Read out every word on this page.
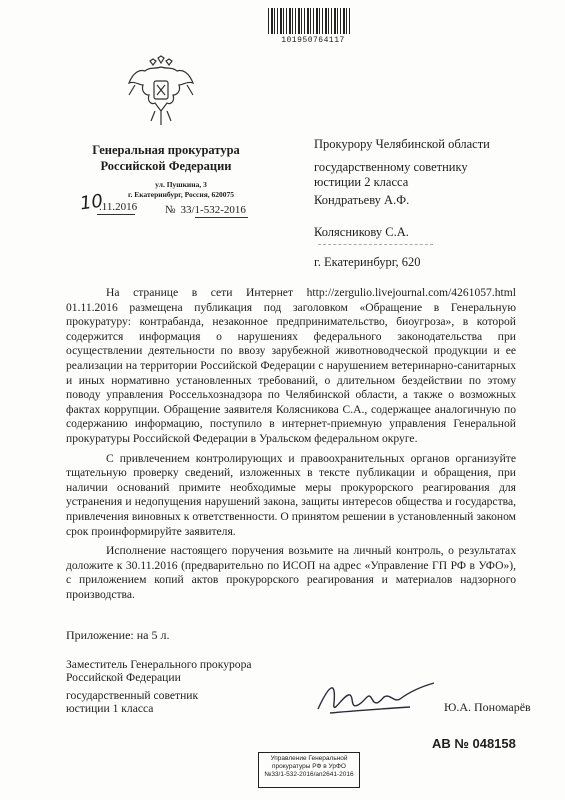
101950764117
Генеральная прокуратура
Российской Федерации
ул. Пушкина, 3
г. Екатеринбург, Россия, 620075
10
.11.2016	№ 33/1-532-2016
Прокурору Челябинской области
государственному советнику юстиции 2 класса
Кондратьеву А.Ф.
Колясникову С.А.
г. Екатеринбург, 620

На странице в сети Интернет http://zergulio.livejournal.com/4261057.html 01.11.2016 размещена публикация под заголовком «Обращение в Генеральную прокуратуру: контрабанда, незаконное предпринимательство, биоугроза», в которой содержится информация о нарушениях федерального законодательства при осуществлении деятельности по ввозу зарубежной животноводческой продукции и ее реализации на территории Российской Федерации с нарушением ветеринарно-санитарных и иных нормативно установленных требований, о длительном бездействии по этому поводу управления Россельхознадзора по Челябинской области, а также о возможных фактах коррупции. Обращение заявителя Колясникова С.А., содержащее аналогичную по содержанию информацию, поступило в интернет-приемную управления Генеральной прокуратуры Российской Федерации в Уральском федеральном округе.

С привлечением контролирующих и правоохранительных органов организуйте тщательную проверку сведений, изложенных в тексте публикации и обращения, при наличии оснований примите необходимые меры прокурорского реагирования для устранения и недопущения нарушений закона, защиты интересов общества и государства, привлечения виновных к ответственности. О принятом решении в установленный законом срок проинформируйте заявителя.

Исполнение настоящего поручения возьмите на личный контроль, о результатах доложите к 30.11.2016 (предварительно по ИСОП на адрес «Управление ГП РФ в УФО»), с приложением копий актов прокурорского реагирования и материалов надзорного производства.

Приложение: на 5 л.
Заместитель Генерального прокурора
Российской Федерации
государственный советник
юстиции 1 класса	Ю.А. Пономарёв
АВ № 048158
Управление Генеральной
прокуратуры РФ в УрФО
№33/1-532-2016/ап2641-2016
